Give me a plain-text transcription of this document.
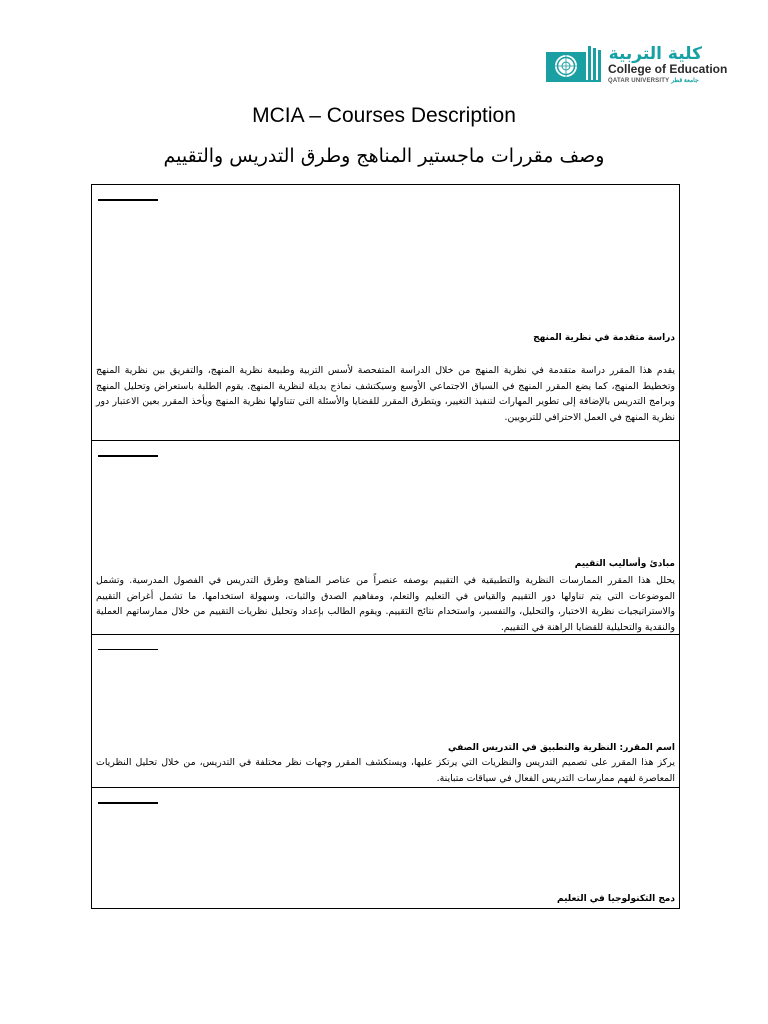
كلية التربية
College of Education
QATAR UNIVERSITY جامعة قطر
MCIA – Courses Description
وصف مقررات ماجستير المناهج وطرق التدريس والتقييم
دراسة متقدمة في نظرية المنهج
يقدم هذا المقرر دراسة متقدمة في نظرية المنهج من خلال الدراسة المتفحصة لأسس التربية وطبيعة نظرية المنهج، والتفريق بين نظرية المنهج وتخطيط المنهج، كما يضع المقرر المنهج في السياق الاجتماعي الأوسع وسيكتشف نماذج بديلة لنظرية المنهج. يقوم الطلبة باستعراض وتحليل المنهج وبرامج التدريس بالإضافة إلى تطوير المهارات لتنفيذ التغيير، ويتطرق المقرر للقضايا والأسئلة التي تتناولها نظرية المنهج ويأخذ المقرر بعين الاعتبار دور نظرية المنهج في العمل الاحترافي للتربويين.
مبادئ وأساليب التقييم
يحلل هذا المقرر الممارسات النظرية والتطبيقية في التقييم بوصفه عنصراً من عناصر المناهج وطرق التدريس في الفصول المدرسية. وتشمل الموضوعات التي يتم تناولها دور التقييم والقياس في التعليم والتعلم، ومفاهيم الصدق والثبات، وسهولة استخدامها. ما تشمل أغراض التقييم والاستراتيجيات نظرية الاختبار، والتحليل، والتفسير، واستخدام نتائج التقييم. ويقوم الطالب بإعداد وتحليل نظريات التقييم من خلال ممارساتهم العملية والنقدية والتحليلية للقضايا الراهنة في التقييم.
اسم المقرر: النظرية والتطبيق في التدريس الصفي
يركز هذا المقرر على تصميم التدريس والنظريات التي يرتكز عليها، ويستكشف المقرر وجهات نظر مختلفة في التدريس، من خلال تحليل النظريات المعاصرة لفهم ممارسات التدريس الفعال في سياقات متباينة.
دمج التكنولوجيا في التعليم
